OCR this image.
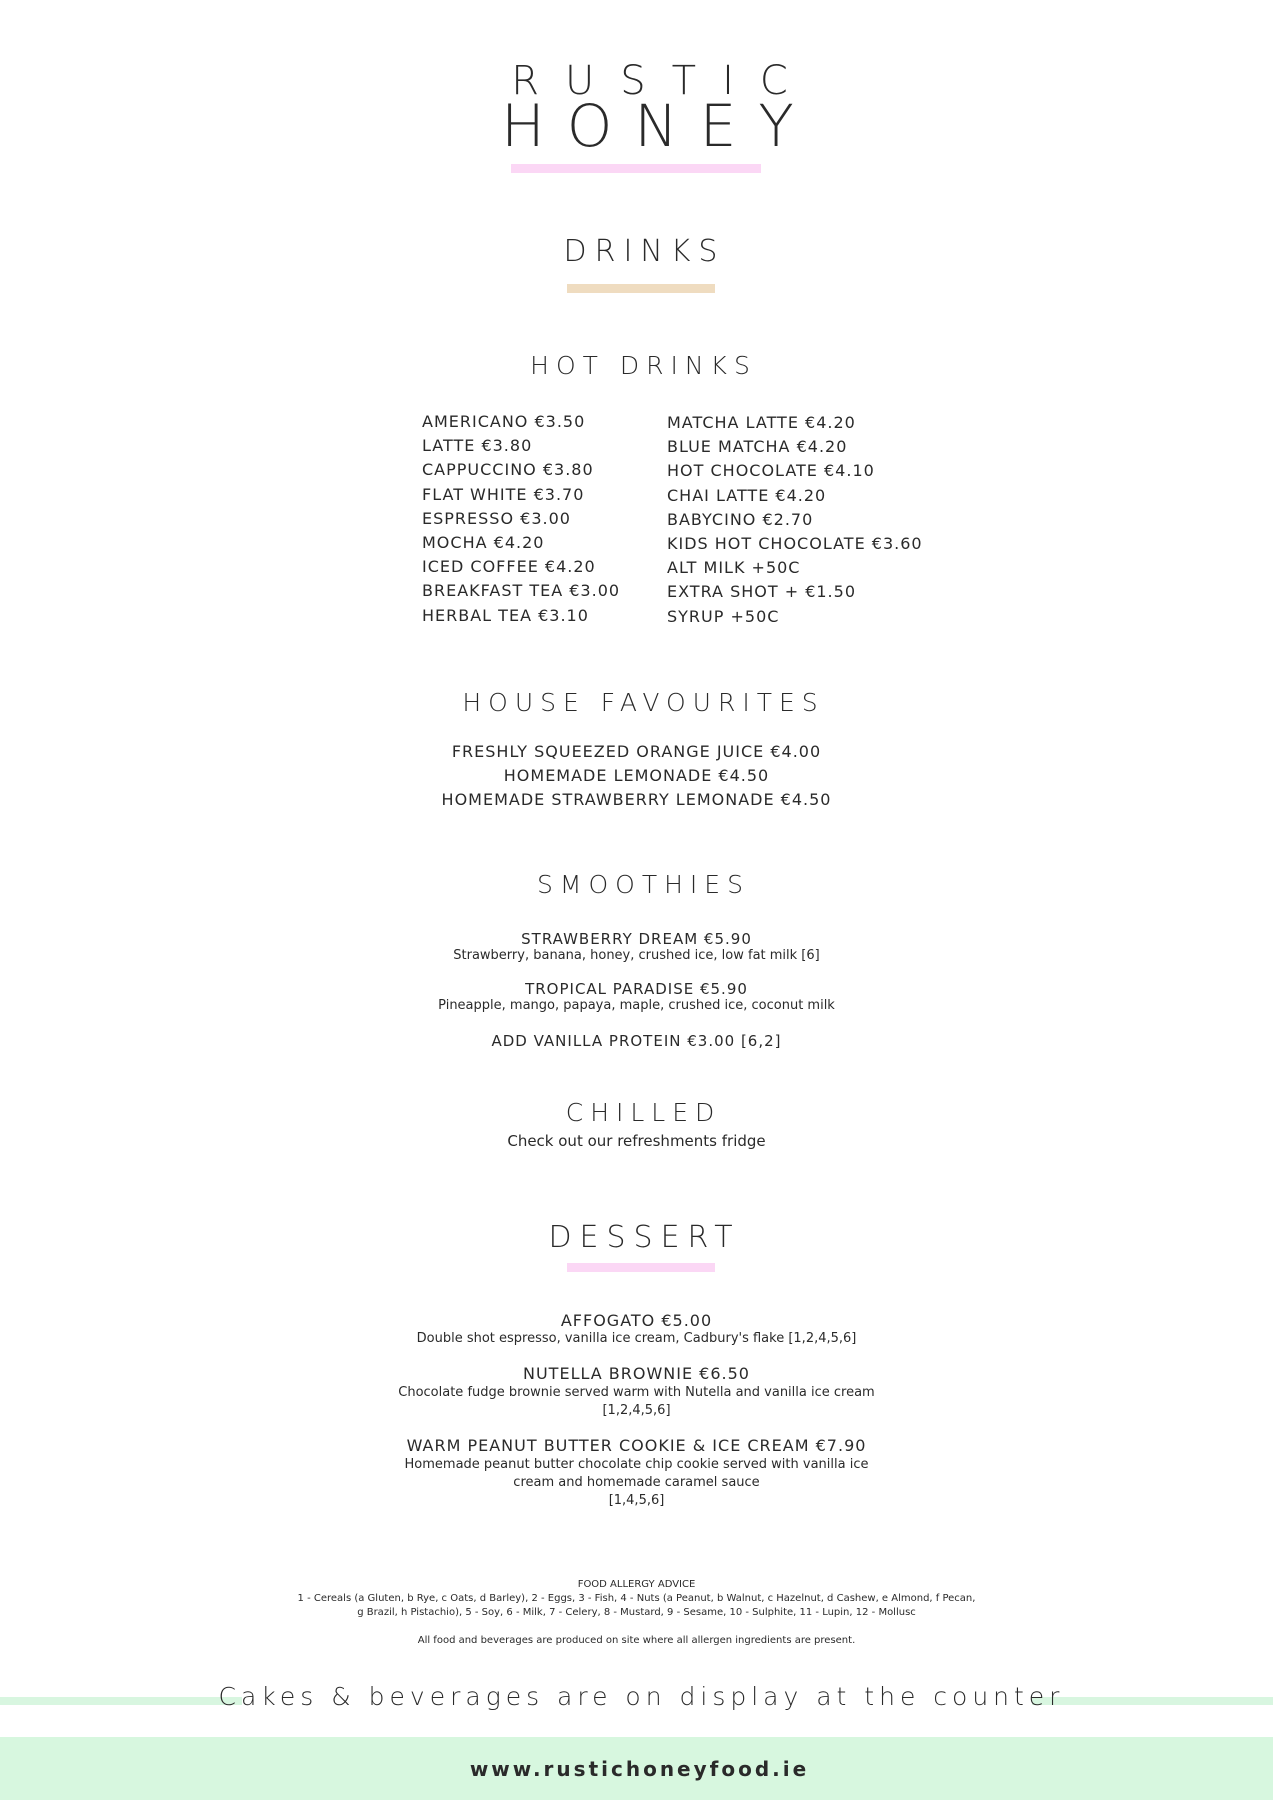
RUSTIC
HONEY
DRINKS
HOT DRINKS
AMERICANO €3.50
LATTE €3.80
CAPPUCCINO €3.80
FLAT WHITE €3.70
ESPRESSO €3.00
MOCHA €4.20
ICED COFFEE €4.20
BREAKFAST TEA €3.00
HERBAL TEA €3.10
MATCHA LATTE €4.20
BLUE MATCHA €4.20
HOT CHOCOLATE €4.10
CHAI LATTE €4.20
BABYCINO €2.70
KIDS HOT CHOCOLATE €3.60
ALT MILK +50C
EXTRA SHOT + €1.50
SYRUP +50C
HOUSE FAVOURITES
FRESHLY SQUEEZED ORANGE JUICE €4.00
HOMEMADE LEMONADE €4.50
HOMEMADE STRAWBERRY LEMONADE €4.50
SMOOTHIES
STRAWBERRY DREAM €5.90
Strawberry, banana, honey, crushed ice, low fat milk [6]
TROPICAL PARADISE €5.90
Pineapple, mango, papaya, maple, crushed ice, coconut milk
ADD VANILLA PROTEIN €3.00 [6,2]
CHILLED
Check out our refreshments fridge
DESSERT
AFFOGATO €5.00
Double shot espresso, vanilla ice cream, Cadbury's flake [1,2,4,5,6]
NUTELLA BROWNIE €6.50
Chocolate fudge brownie served warm with Nutella and vanilla ice cream
[1,2,4,5,6]
WARM PEANUT BUTTER COOKIE & ICE CREAM €7.90
Homemade peanut butter chocolate chip cookie served with vanilla ice
cream and homemade caramel sauce
[1,4,5,6]
FOOD ALLERGY ADVICE
1 - Cereals (a Gluten, b Rye, c Oats, d Barley), 2 - Eggs, 3 - Fish, 4 - Nuts (a Peanut, b Walnut, c Hazelnut, d Cashew, e Almond, f Pecan,
g Brazil, h Pistachio), 5 - Soy, 6 - Milk, 7 - Celery, 8 - Mustard, 9 - Sesame, 10 - Sulphite, 11 - Lupin, 12 - Mollusc
All food and beverages are produced on site where all allergen ingredients are present.
Cakes & beverages are on display at the counter
www.rustichoneyfood.ie
